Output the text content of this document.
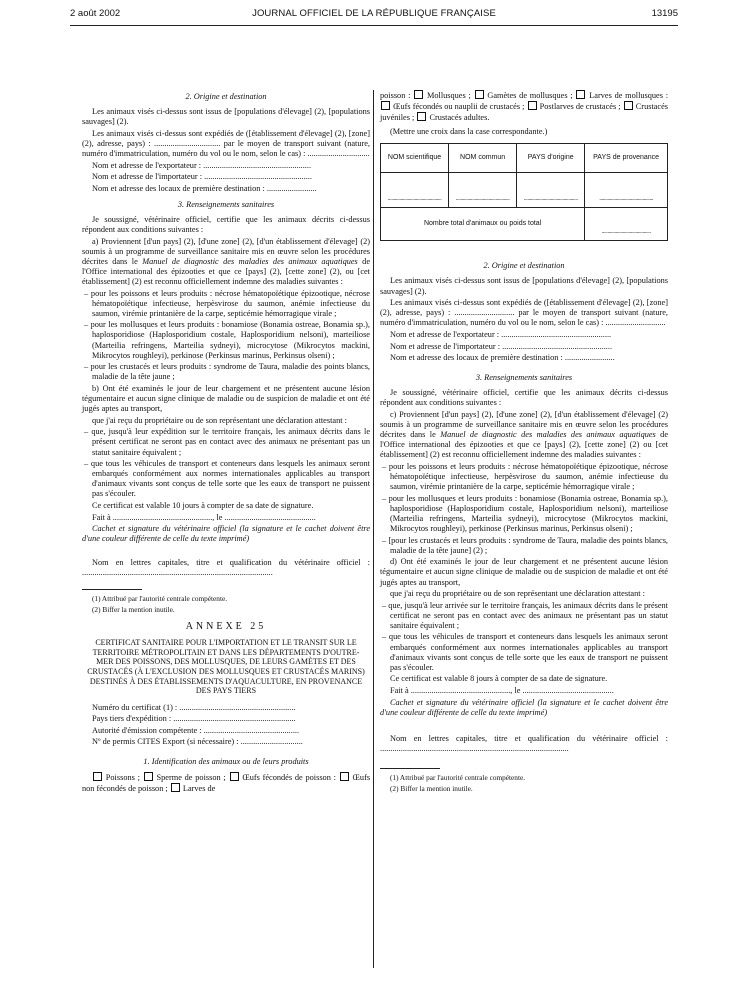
2 août 2002	JOURNAL OFFICIEL DE LA RÉPUBLIQUE FRANÇAISE	13195

2. Origine et destination

Les animaux visés ci-dessus sont issus de [populations d'élevage] (2), [populations sauvages] (2).

Les animaux visés ci-dessus sont expédiés de ([établissement d'élevage] (2), [zone] (2), adresse, pays) : ................................ par le moyen de transport suivant (nature, numéro d'immatriculation, numéro du vol ou le nom, selon le cas) : ..............................

Nom et adresse de l'exportateur : ....................................................

Nom et adresse de l'importateur : ....................................................

Nom et adresse des locaux de première destination : ........................

3. Renseignements sanitaires

Je soussigné, vétérinaire officiel, certifie que les animaux décrits ci-dessus répondent aux conditions suivantes :

a) Proviennent [d'un pays] (2), [d'une zone] (2), [d'un établissement d'élevage] (2) soumis à un programme de surveillance sanitaire mis en œuvre selon les procédures décrites dans le Manuel de diagnostic des maladies des animaux aquatiques de l'Office international des épizooties et que ce [pays] (2), [cette zone] (2), ou [cet établissement] (2) est reconnu officiellement indemne des maladies suivantes :

– pour les poissons et leurs produits : nécrose hématopoïétique épizootique, nécrose hématopoïétique infectieuse, herpèsvirose du saumon, anémie infectieuse du saumon, virémie printanière de la carpe, septicémie hémorragique virale ;

– pour les mollusques et leurs produits : bonamiose (Bonamia ostreae, Bonamia sp.), haplosporidiose (Haplosporidium costale, Haplosporidium nelsoni), marteiliose (Marteilia refringens, Marteilia sydneyi), microcytose (Mikrocytos mackini, Mikrocytos roughleyi), perkinose (Perkinsus marinus, Perkinsus olseni) ;

– pour les crustacés et leurs produits : syndrome de Taura, maladie des points blancs, maladie de la tête jaune ;

b) Ont été examinés le jour de leur chargement et ne présentent aucune lésion tégumentaire et aucun signe clinique de maladie ou de suspicion de maladie et ont été jugés aptes au transport,

que j'ai reçu du propriétaire ou de son représentant une déclaration attestant :

– que, jusqu'à leur expédition sur le territoire français, les animaux décrits dans le présent certificat ne seront pas en contact avec des animaux ne présentant pas un statut sanitaire équivalent ;

– que tous les véhicules de transport et conteneurs dans lesquels les animaux seront embarqués conformément aux normes internationales applicables au transport d'animaux vivants sont conçus de telle sorte que les eaux de transport ne puissent pas s'écouler.

Ce certificat est valable 10 jours à compter de sa date de signature.

Fait à ................................................, le ............................................

Cachet et signature du vétérinaire officiel (la signature et le cachet doivent être d'une couleur différente de celle du texte imprimé)

Nom en lettres capitales, titre et qualification du vétérinaire officiel : ............................................................................................

(1) Attribué par l'autorité centrale compétente.

(2) Biffer la mention inutile.

ANNEXE 25

CERTIFICAT SANITAIRE POUR L'IMPORTATION ET LE TRANSIT SUR LE TERRITOIRE MÉTROPOLITAIN ET DANS LES DÉPARTEMENTS D'OUTRE-MER DES POISSONS, DES MOLLUSQUES, DE LEURS GAMÈTES ET DES CRUSTACÉS (À L'EXCLUSION DES MOLLUSQUES ET CRUSTACÉS MARINS) DESTINÉS À DES ÉTABLISSEMENTS D'AQUACULTURE, EN PROVENANCE DES PAYS TIERS

Numéro du certificat (1) : ........................................................

Pays tiers d'expédition : ...........................................................

Autorité d'émission compétente : ..............................................

Nº de permis CITES Export (si nécessaire) : ..............................

1. Identification des animaux ou de leurs produits

Poissons ; Sperme de poisson ; Œufs fécondés de poisson : Œufs non fécondés de poisson ; Larves de

poisson : Mollusques ; Gamètes de mollusques ; Larves de mollusques :  Œufs fécondés ou nauplii de crustacés ; Postlarves de crustacés ; Crustacés juvéniles ; Crustacés adultes.

(Mettre une croix dans la case correspondante.)

NOM scientifique	NOM commun	PAYS d'origine	PAYS de provenance
..............................................	..............................................	..............................................	..............................................
Nombre total d'animaux ou poids total			..........................................

2. Origine et destination

Les animaux visés ci-dessus sont issus de [populations d'élevage] (2), [populations sauvages] (2).

Les animaux visés ci-dessus sont expédiés de ([établissement d'élevage] (2), [zone] (2), adresse, pays) : ............................. par le moyen de transport suivant (nature, numéro d'immatriculation, numéro du vol ou le nom, selon le cas) : .............................

Nom et adresse de l'exportateur : .....................................................

Nom et adresse de l'importateur : .....................................................

Nom et adresse des locaux de première destination : ........................

3. Renseignements sanitaires

Je soussigné, vétérinaire officiel, certifie que les animaux décrits ci-dessus répondent aux conditions suivantes :

c) Proviennent [d'un pays] (2), [d'une zone] (2), [d'un établissement d'élevage] (2) soumis à un programme de surveillance sanitaire mis en œuvre selon les procédures décrites dans le Manuel de diagnostic des maladies des animaux aquatiques de l'Office international des épizooties et que ce [pays] (2), [cette zone] (2) ou [cet établissement] (2) est reconnu officiellement indemne des maladies suivantes :

– pour les poissons et leurs produits : nécrose hématopoïétique épizootique, nécrose hématopoïétique infectieuse, herpèsvirose du saumon, anémie infectieuse du saumon, virémie printanière de la carpe, septicémie hémorragique virale ;

– pour les mollusques et leurs produits : bonamiose (Bonamia ostreae, Bonamia sp.), haplosporidiose (Haplosporidium costale, Haplosporidium nelsoni), marteiliose (Marteilia refringens, Marteilia sydneyi), microcytose (Mikrocytos mackini, Mikrocytos roughleyi), perkinose (Perkinsus marinus, Perkinsus olseni) ;

– [pour les crustacés et leurs produits : syndrome de Taura, maladie des points blancs, maladie de la tête jaune] (2) ;

d) Ont été examinés le jour de leur chargement et ne présentent aucune lésion tégumentaire et aucun signe clinique de maladie ou de suspicion de maladie et ont été jugés aptes au transport,

que j'ai reçu du propriétaire ou de son représentant une déclaration attestant :

– que, jusqu'à leur arrivée sur le territoire français, les animaux décrits dans le présent certificat ne seront pas en contact avec des animaux ne présentant pas un statut sanitaire équivalent ;

– que tous les véhicules de transport et conteneurs dans lesquels les animaux seront embarqués conformément aux normes internationales applicables au transport d'animaux vivants sont conçus de telle sorte que les eaux de transport ne puissent pas s'écouler.

Ce certificat est valable 8 jours à compter de sa date de signature.

Fait à ................................................, le ............................................

Cachet et signature du vétérinaire officiel (la signature et le cachet doivent être d'une couleur différente de celle du texte imprimé)

Nom en lettres capitales, titre et qualification du vétérinaire officiel : ...........................................................................................

(1) Attribué par l'autorité centrale compétente.

(2) Biffer la mention inutile.
